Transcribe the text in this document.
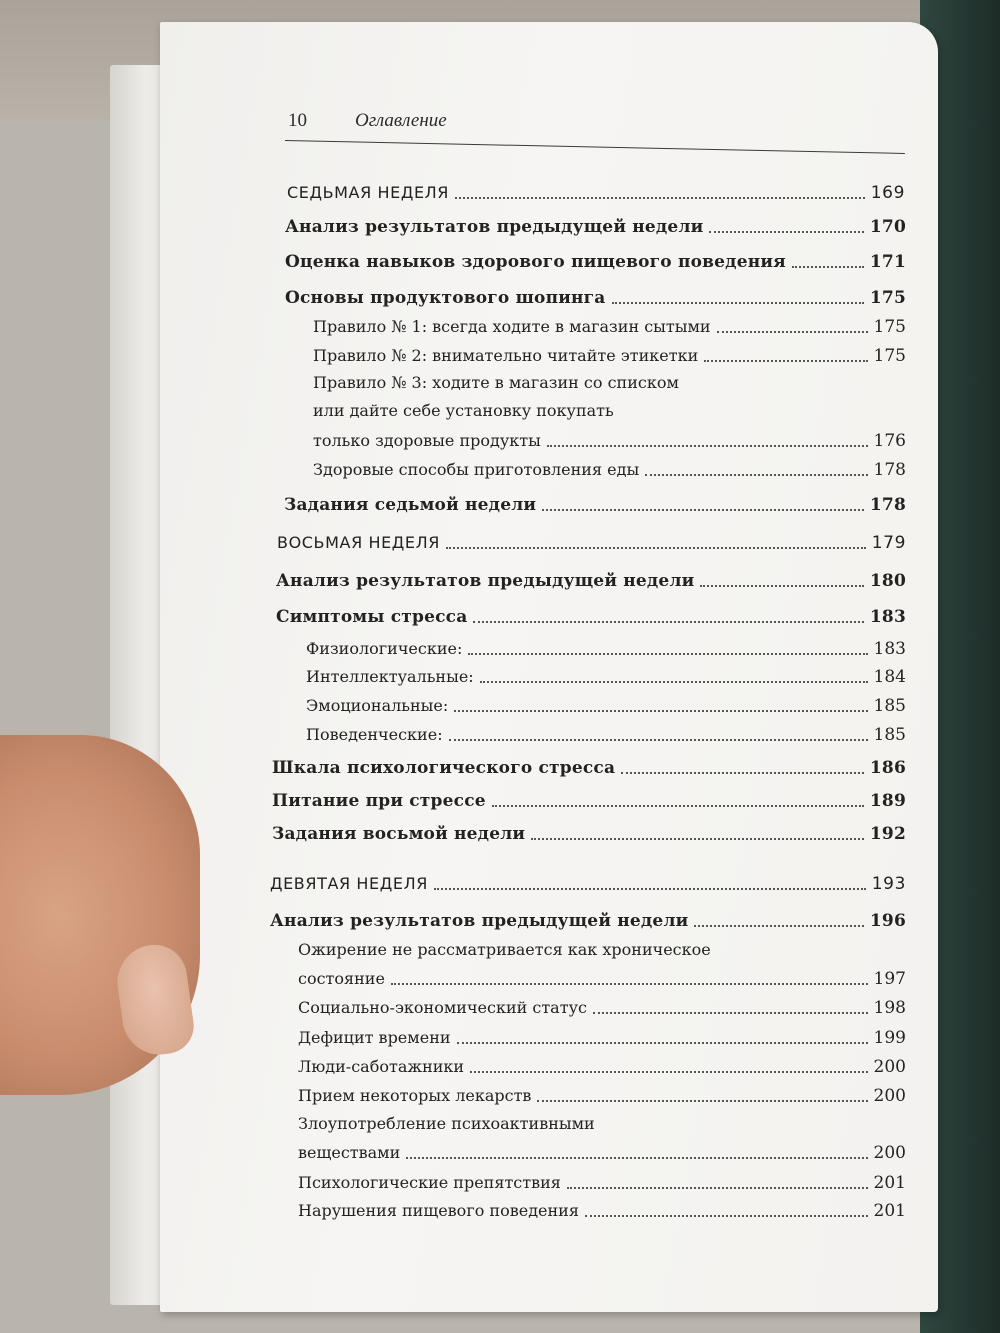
10	Оглавление
СЕДЬМАЯ НЕДЕЛЯ	169
Анализ результатов предыдущей недели	170
Оценка навыков здорового пищевого поведения	171
Основы продуктового шопинга	175
Правило № 1: всегда ходите в магазин сытыми	175
Правило № 2: внимательно читайте этикетки	175
Правило № 3: ходите в магазин со списком
или дайте себе установку покупать
только здоровые продукты	176
Здоровые способы приготовления еды	178
Задания седьмой недели	178
ВОСЬМАЯ НЕДЕЛЯ	179
Анализ результатов предыдущей недели	180
Симптомы стресса	183
Физиологические:	183
Интеллектуальные:	184
Эмоциональные:	185
Поведенческие:	185
Шкала психологического стресса	186
Питание при стрессе	189
Задания восьмой недели	192
ДЕВЯТАЯ НЕДЕЛЯ	193
Анализ результатов предыдущей недели	196
Ожирение не рассматривается как хроническое
состояние	197
Социально-экономический статус	198
Дефицит времени	199
Люди-саботажники	200
Прием некоторых лекарств	200
Злоупотребление психоактивными
веществами	200
Психологические препятствия	201
Нарушения пищевого поведения	201
